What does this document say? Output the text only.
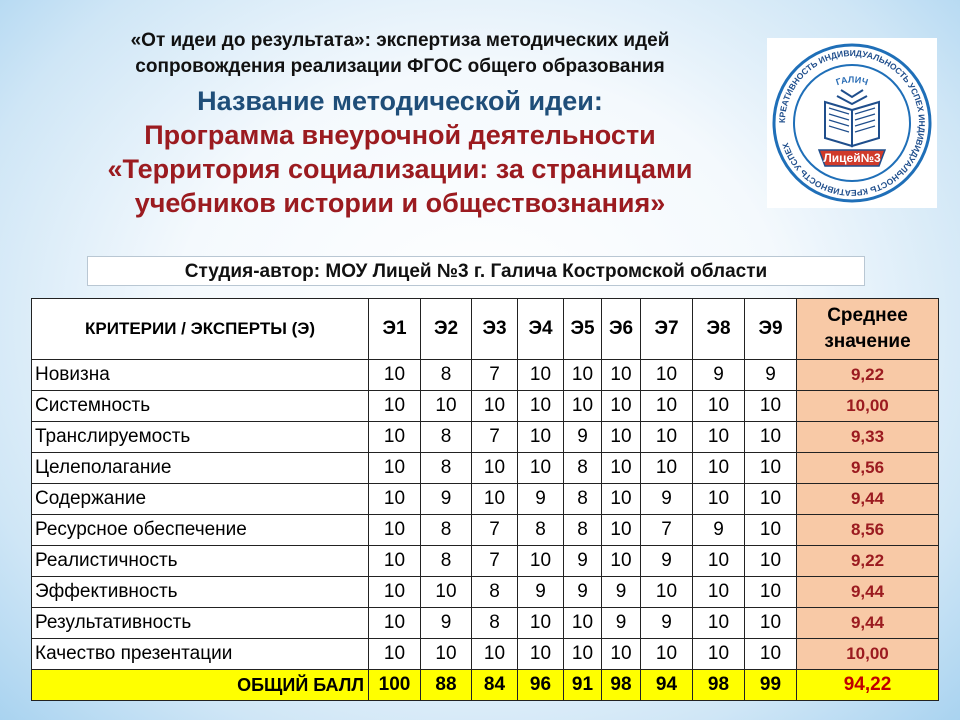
«От идеи до результата»: экспертиза методических идей
сопровождения реализации ФГОС общего образования
Название методической идеи:
Программа внеурочной деятельности
«Территория социализации: за страницами
учебников истории и обществознания»
КРЕАТИВНОСТЬ ИНДИВИДУАЛЬНОСТЬ УСПЕХ ИНДИВИДУАЛЬНОСТЬ КРЕАТИВНОСТЬ УСПЕХ
ГАЛИЧ
Лицей№3
Студия-автор: МОУ Лицей №3 г. Галича Костромской области
КРИТЕРИИ / ЭКСПЕРТЫ (Э)	Э1	Э2	Э3	Э4	Э5	Э6	Э7	Э8	Э9	Среднее значение
Новизна	10	8	7	10	10	10	10	9	9	9,22
Системность	10	10	10	10	10	10	10	10	10	10,00
Транслируемость	10	8	7	10	9	10	10	10	10	9,33
Целеполагание	10	8	10	10	8	10	10	10	10	9,56
Содержание	10	9	10	9	8	10	9	10	10	9,44
Ресурсное обеспечение	10	8	7	8	8	10	7	9	10	8,56
Реалистичность	10	8	7	10	9	10	9	10	10	9,22
Эффективность	10	10	8	9	9	9	10	10	10	9,44
Результативность	10	9	8	10	10	9	9	10	10	9,44
Качество презентации	10	10	10	10	10	10	10	10	10	10,00
ОБЩИЙ БАЛЛ	100	88	84	96	91	98	94	98	99	94,22
